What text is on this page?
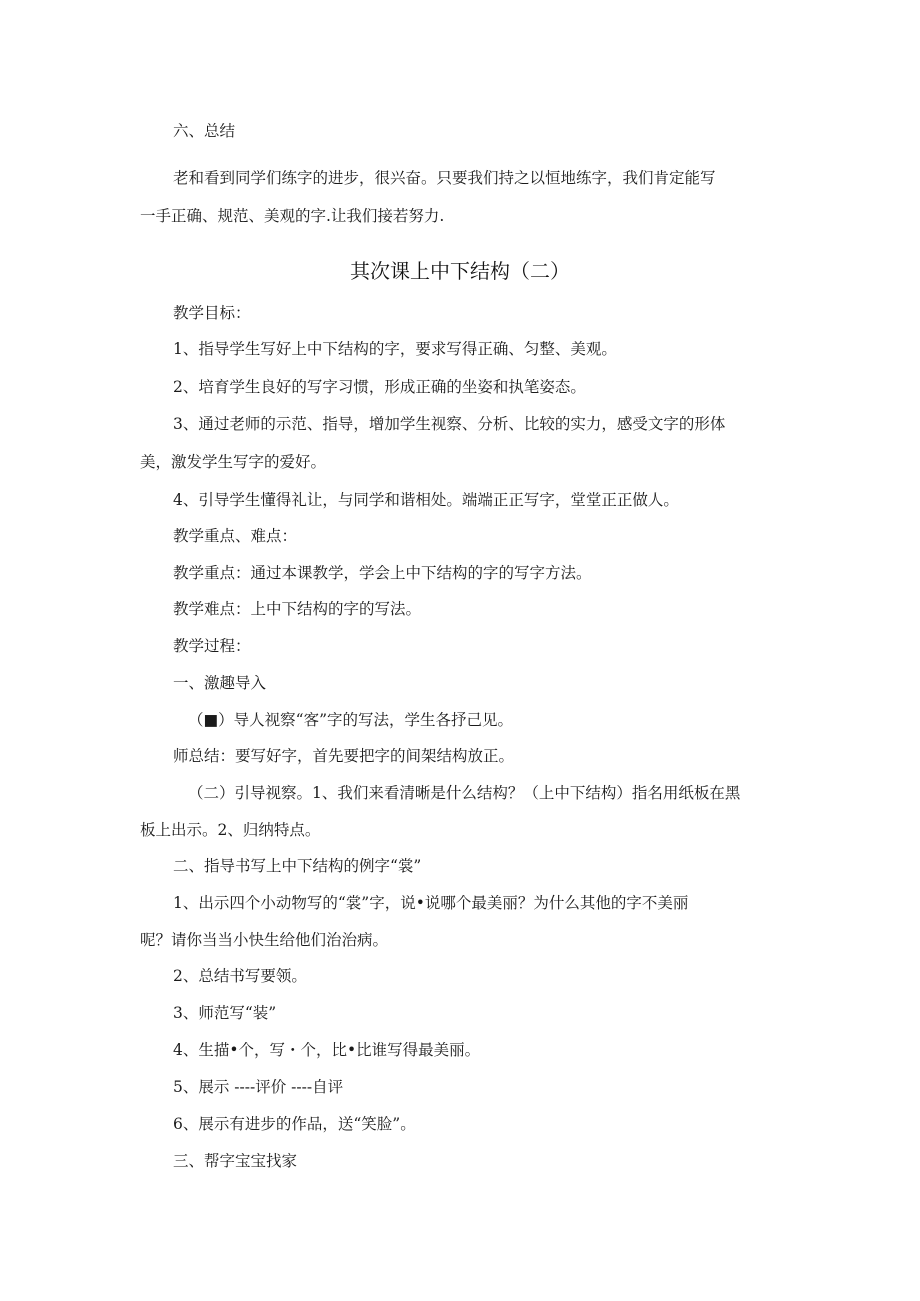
六、总结
老和看到同学们练字的进步，很兴奋。只要我们持之以恒地练字，我们肯定能写
一手正确、规范、美观的字.让我们接若努力.
其次课上中下结构（二）
教学目标：
1、指导学生写好上中下结构的字，要求写得正确、匀整、美观。
2、培育学生良好的写字习惯，形成正确的坐姿和执笔姿态。
3、通过老师的示范、指导，增加学生视察、分析、比较的实力，感受文字的形体
美，激发学生写字的爱好。
4、引导学生懂得礼让，与同学和谐相处。端端正正写字，堂堂正正做人。
教学重点、难点：
教学重点：通过本课教学，学会上中下结构的字的写字方法。
教学难点：上中下结构的字的写法。
教学过程：
一、激趣导入
（■）导人视察“客”字的写法，学生各抒己见。
师总结：要写好字，首先要把字的间架结构放正。
（二）引导视察。1、我们来看清晰是什么结构？（上中下结构）指名用纸板在黑
板上出示。2、归纳特点。
二、指导书写上中下结构的例字“裳”
1、出示四个小动物写的“裳”字，说•说哪个最美丽？为什么其他的字不美丽
呢？请你当当小快生给他们治治病。
2、总结书写要领。
3、师范写“装”
4、生描•个，写・个，比•比谁写得最美丽。
5、展示 ----评价 ----自评
6、展示有进步的作品，送“笑脸”。
三、帮字宝宝找家
